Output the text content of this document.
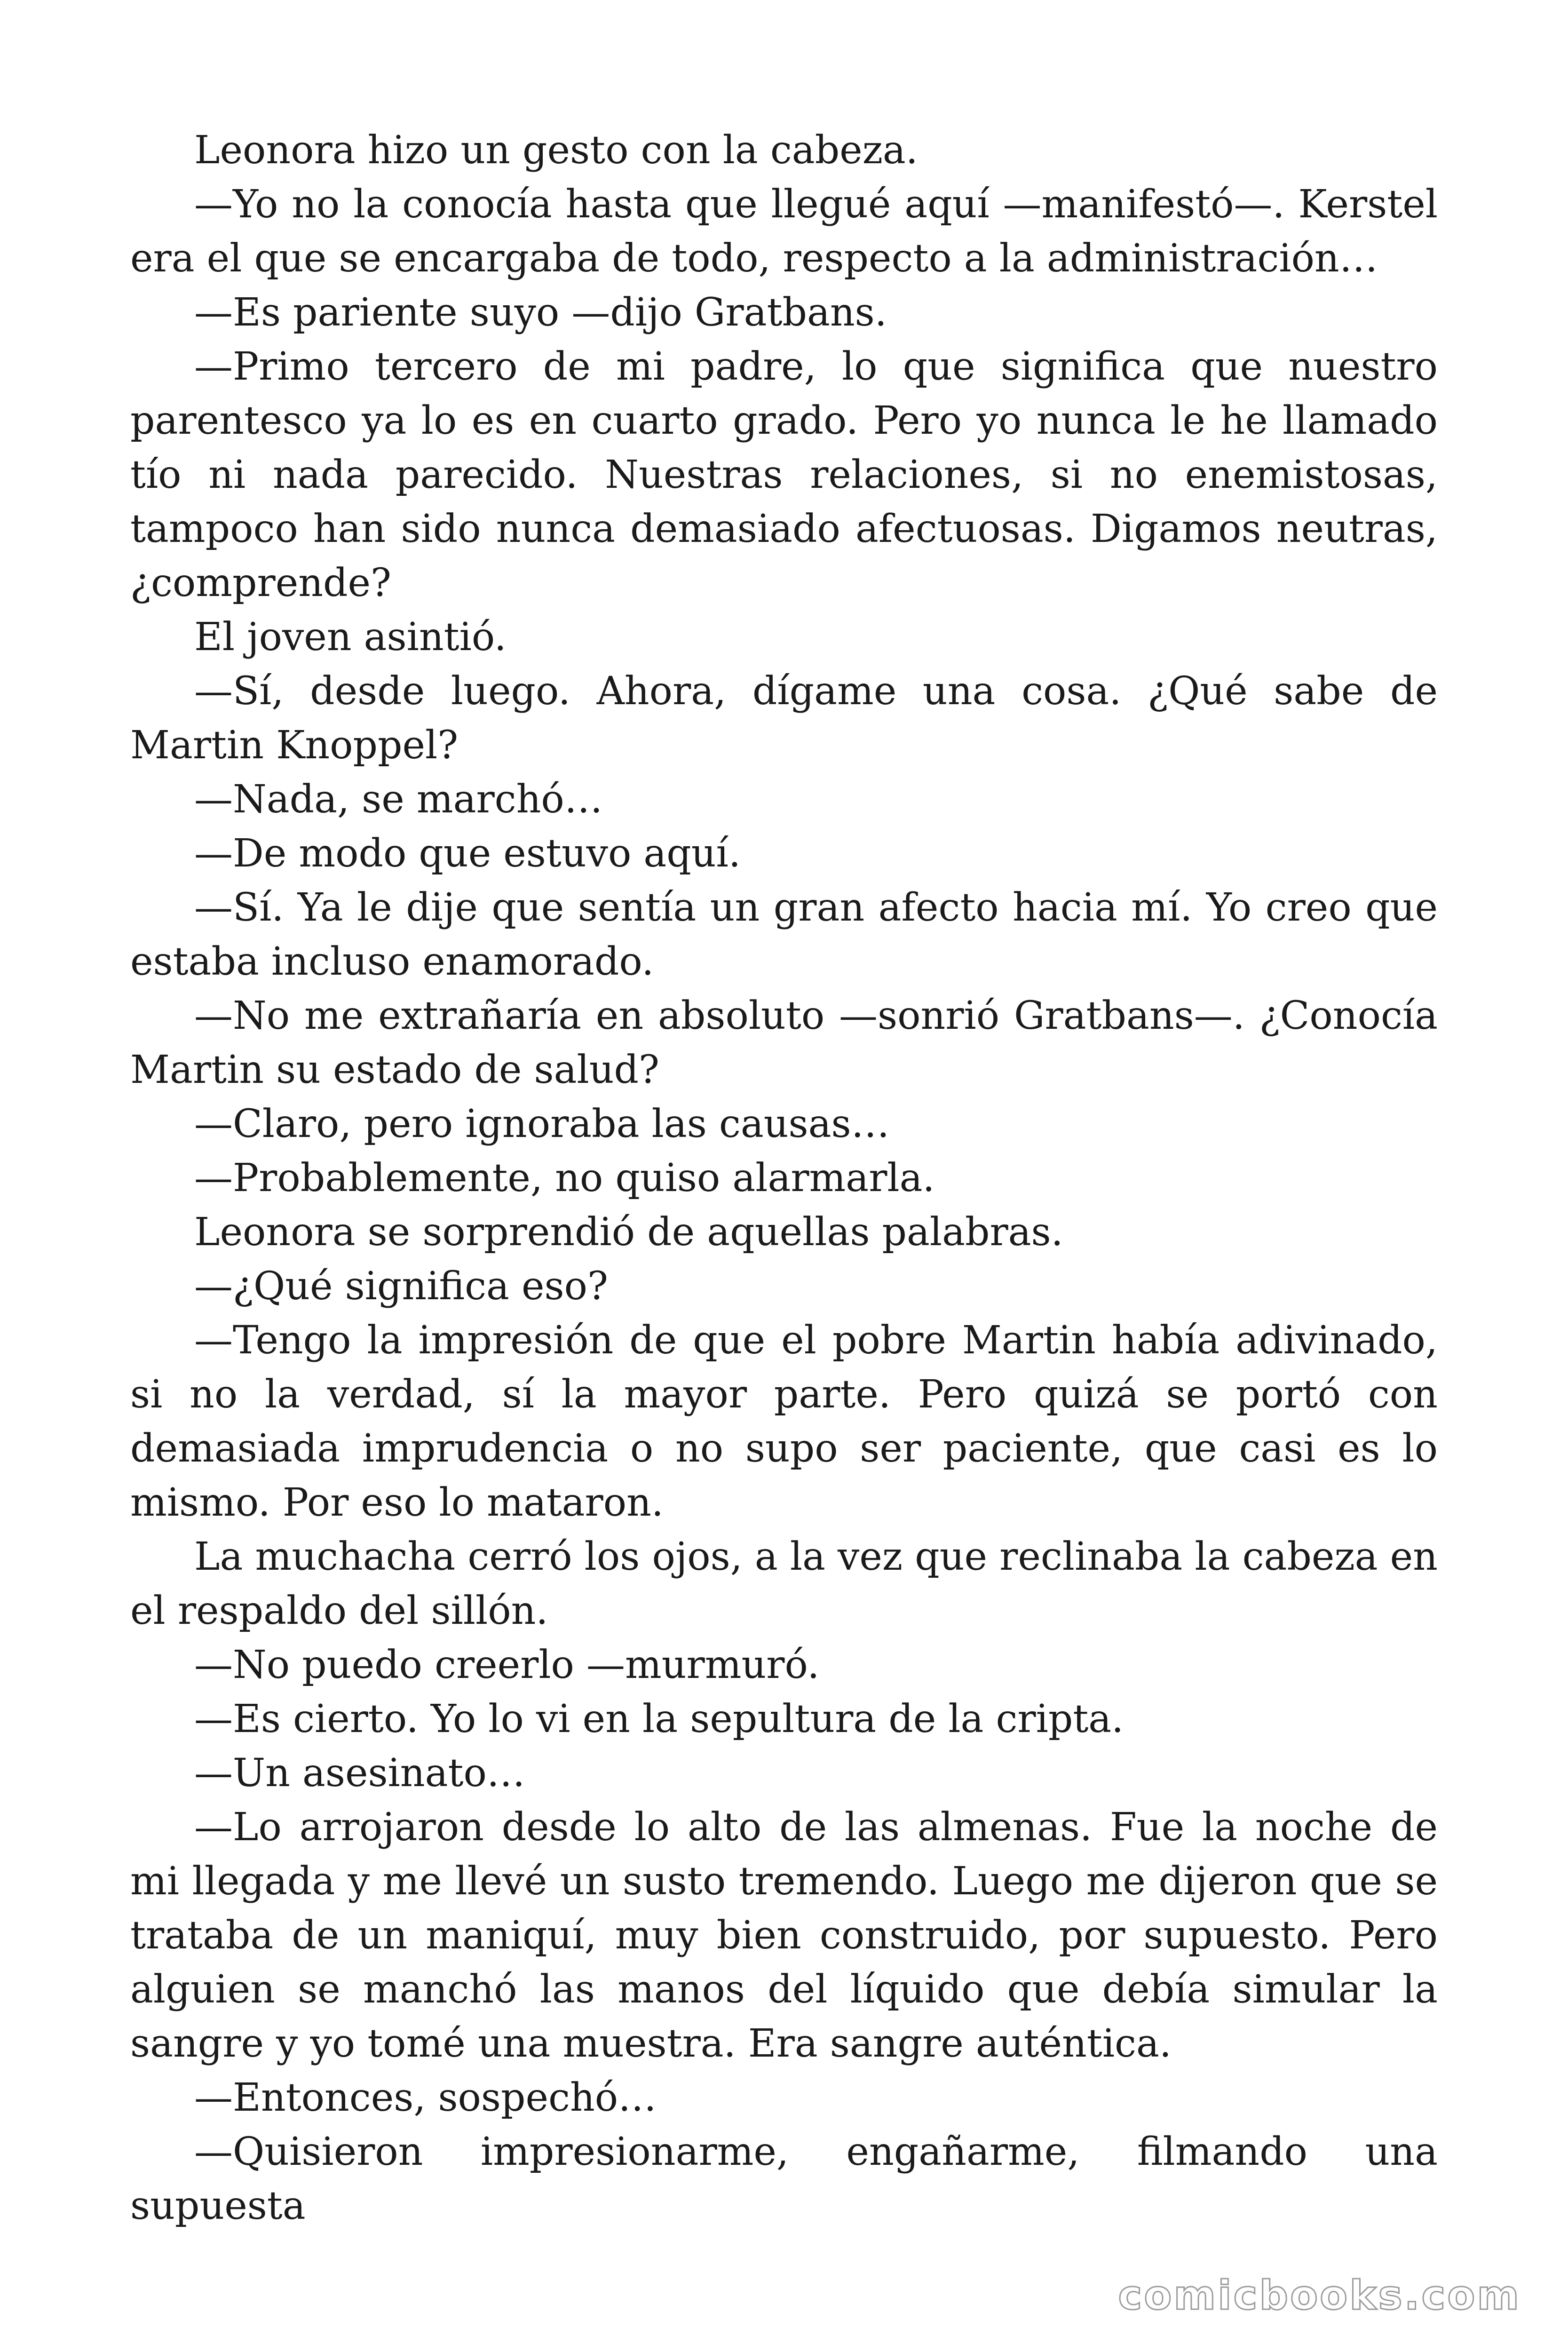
Leonora hizo un gesto con la cabeza.

—Yo no la conocía hasta que llegué aquí —manifestó—. Kerstel era el que se encargaba de todo, respecto a la administración…

—Es pariente suyo —dijo Gratbans.

—Primo tercero de mi padre, lo que significa que nuestro parentesco ya lo es en cuarto grado. Pero yo nunca le he llamado tío ni nada parecido. Nuestras relaciones, si no enemistosas, tampoco han sido nunca demasiado afectuosas. Digamos neutras, ¿comprende?

El joven asintió.

—Sí, desde luego. Ahora, dígame una cosa. ¿Qué sabe de Martin Knoppel?

—Nada, se marchó…

—De modo que estuvo aquí.

—Sí. Ya le dije que sentía un gran afecto hacia mí. Yo creo que estaba incluso enamorado.

—No me extrañaría en absoluto —sonrió Gratbans—. ¿Conocía Martin su estado de salud?

—Claro, pero ignoraba las causas…

—Probablemente, no quiso alarmarla.

Leonora se sorprendió de aquellas palabras.

—¿Qué significa eso?

—Tengo la impresión de que el pobre Martin había adivinado, si no la verdad, sí la mayor parte. Pero quizá se portó con demasiada imprudencia o no supo ser paciente, que casi es lo mismo. Por eso lo mataron.

La muchacha cerró los ojos, a la vez que reclinaba la cabeza en el respaldo del sillón.

—No puedo creerlo —murmuró.

—Es cierto. Yo lo vi en la sepultura de la cripta.

—Un asesinato…

—Lo arrojaron desde lo alto de las almenas. Fue la noche de mi llegada y me llevé un susto tremendo. Luego me dijeron que se trataba de un maniquí, muy bien construido, por supuesto. Pero alguien se manchó las manos del líquido que debía simular la sangre y yo tomé una muestra. Era sangre auténtica.

—Entonces, sospechó…

—Quisieron impresionarme, engañarme, filmando una supuesta

comicbooks.com
